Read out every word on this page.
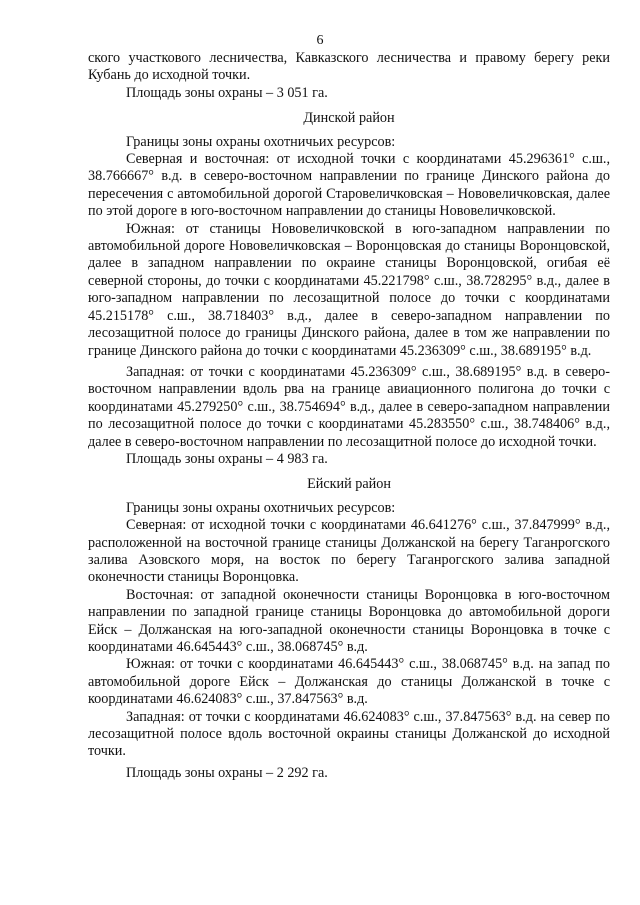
6

ского участкового лесничества, Кавказского лесничества и правому берегу реки Кубань до исходной точки.

Площадь зоны охраны – 3 051 га.

Динской район

Границы зоны охраны охотничьих ресурсов:

Северная и восточная: от исходной точки с координатами 45.296361° с.ш., 38.766667° в.д. в северо-восточном направлении по границе Динского района до пересечения с автомобильной дорогой Старовеличковская – Нововеличковская, далее по этой дороге в юго-восточном направлении до станицы Нововеличковской.

Южная: от станицы Нововеличковской в юго-западном направлении по автомобильной дороге Нововеличковская – Воронцовская до станицы Воронцовской, далее в западном направлении по окраине станицы Воронцовской, огибая её северной стороны, до точки с координатами 45.221798° с.ш., 38.728295° в.д., далее в юго-западном направлении по лесозащитной полосе до точки с координатами 45.215178° с.ш., 38.718403° в.д., далее в северо-западном направлении по лесозащитной полосе до границы Динского района, далее в том же направлении по границе Динского района до точки с координатами 45.236309° с.ш., 38.689195° в.д.

Западная: от точки с координатами 45.236309° с.ш., 38.689195° в.д. в северо-восточном направлении вдоль рва на границе авиационного полигона до точки с координатами 45.279250° с.ш., 38.754694° в.д., далее в северо-западном направлении по лесозащитной полосе до точки с координатами 45.283550° с.ш., 38.748406° в.д., далее в северо-восточном направлении по лесозащитной полосе до исходной точки.

Площадь зоны охраны – 4 983 га.

Ейский район

Границы зоны охраны охотничьих ресурсов:

Северная: от исходной точки с координатами 46.641276° с.ш., 37.847999° в.д., расположенной на восточной границе станицы Должанской на берегу Таганрогского залива Азовского моря, на восток по берегу Таганрогского залива западной оконечности станицы Воронцовка.

Восточная: от западной оконечности станицы Воронцовка в юго-восточном направлении по западной границе станицы Воронцовка до автомобильной дороги Ейск – Должанская на юго-западной оконечности станицы Воронцовка в точке с координатами 46.645443° с.ш., 38.068745° в.д.

Южная: от точки с координатами 46.645443° с.ш., 38.068745° в.д. на запад по автомобильной дороге Ейск – Должанская до станицы Должанской в точке с координатами 46.624083° с.ш., 37.847563° в.д.

Западная: от точки с координатами 46.624083° с.ш., 37.847563° в.д. на север по лесозащитной полосе вдоль восточной окраины станицы Должанской до исходной точки.

Площадь зоны охраны – 2 292 га.
